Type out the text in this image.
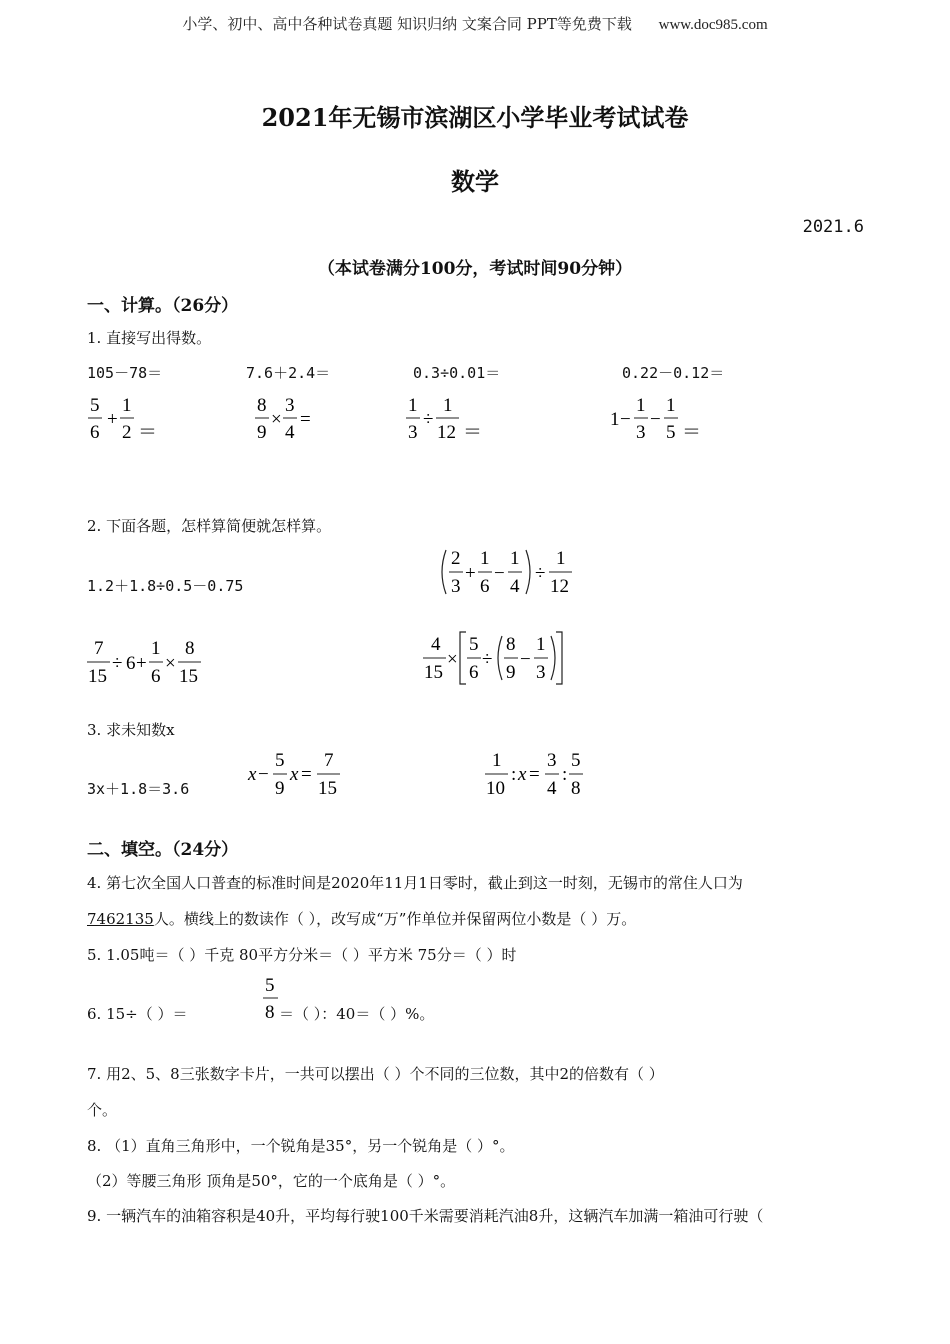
小学、初中、高中各种试卷真题 知识归纳 文案合同 PPT等免费下载 www.doc985.com
2021年无锡市滨湖区小学毕业考试试卷
数学
2021.6
（本试卷满分100分，考试时间90分钟）
一、计算。（26分）
1. 直接写出得数。
105－78＝	7.6＋2.4＝	0.3÷0.01＝	0.22－0.12＝
5
6
+
1
2 ＝
8
9
×
3
4
=
1
3
÷
1
12 ＝
1 −
1
3
−
1
5 ＝
2. 下面各题，怎样算简便就怎样算。
1.2＋1.8÷0.5－0.75
2
3
+
1
6
−
1
4
÷
1
12
7
15
÷ 6 +
1
6
×
8
15
4
15
×
5
6
÷
8
9
−
1
3
3. 求未知数x
3x＋1.8＝3.6
x −
5
9
x =
7
15
1
10
: x =
3
4
:
5
8
二、填空。（24分）
4. 第七次全国人口普查的标准时间是2020年11月1日零时，截止到这一时刻，无锡市的常住人口为
7462135人。横线上的数读作（ ），改写成“万”作单位并保留两位小数是（ ）万。
5. 1.05吨＝（ ）千克 80平方分米＝（ ）平方米 75分＝（ ）时
6. 15÷（ ）＝
5
8 ＝（ ）：40＝（ ）%。
7. 用2、5、8三张数字卡片，一共可以摆出（ ）个不同的三位数，其中2的倍数有（ ）
个。
8. （1）直角三角形中，一个锐角是35°，另一个锐角是（ ）°。
（2）等腰三角形 顶角是50°，它的一个底角是（ ）°。
9. 一辆汽车的油箱容积是40升，平均每行驶100千米需要消耗汽油8升，这辆汽车加满一箱油可行驶（
